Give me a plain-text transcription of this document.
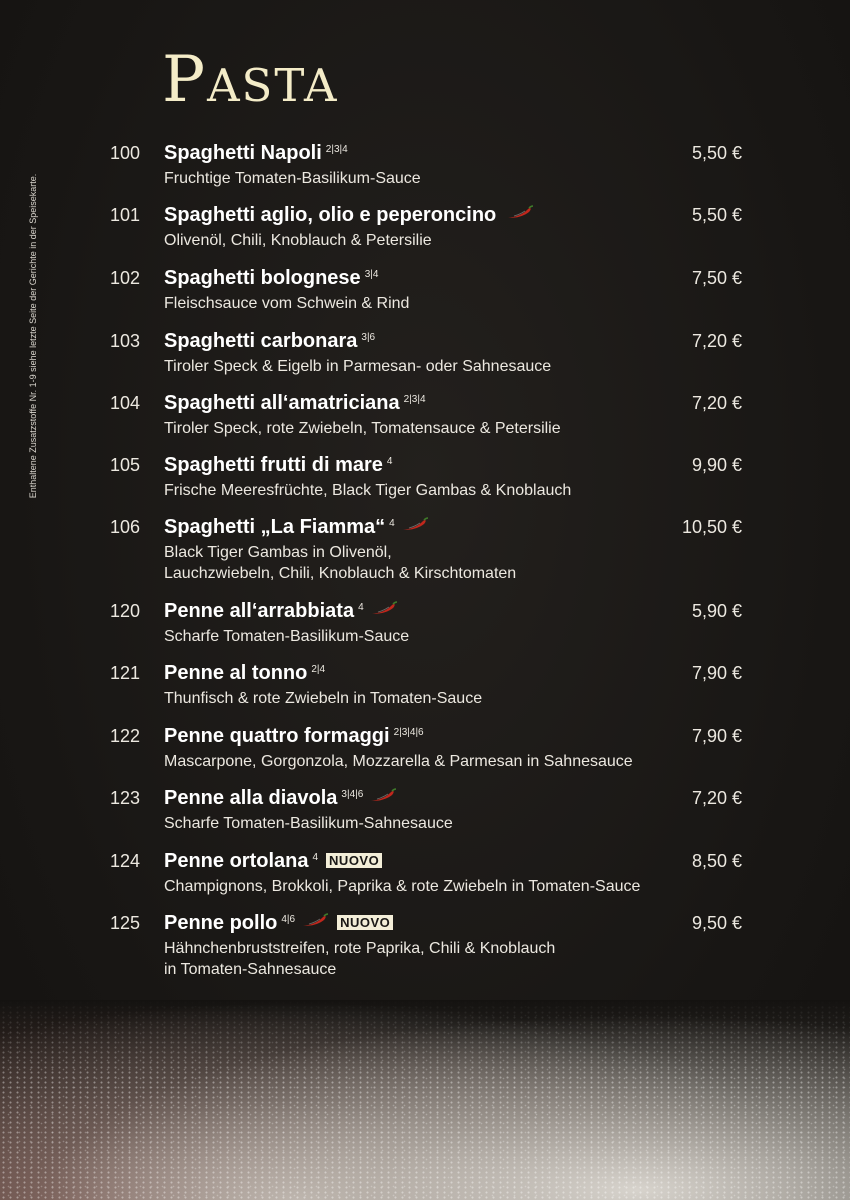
Pasta
Enthaltene Zusatzstoffe Nr. 1-9 siehe letzte Seite der Gerichte in der Speisekarte.
100 Spaghetti Napoli $^{2|3|4}$
Fruchtige Tomaten-Basilikum-Sauce
5,50 €
101 Spaghetti aglio, olio e peperoncino
Olivenöl, Chili, Knoblauch & Petersilie
5,50 €
102 Spaghetti bolognese $^{3|4}$
Fleischsauce vom Schwein & Rind
7,50 €
103 Spaghetti carbonara $^{3|6}$
Tiroler Speck & Eigelb in Parmesan- oder Sahnesauce
7,20 €
104 Spaghetti all‘amatriciana $^{2|3|4}$
Tiroler Speck, rote Zwiebeln, Tomatensauce & Petersilie
7,20 €
105 Spaghetti frutti di mare $^4$
Frische Meeresfrüchte, Black Tiger Gambas & Knoblauch
9,90 €
106 Spaghetti „La Fiamma“ $^4$
Black Tiger Gambas in Olivenöl,
Lauchzwiebeln, Chili, Knoblauch & Kirschtomaten
10,50 €
120 Penne all‘arrabbiata $^4$
Scharfe Tomaten-Basilikum-Sauce
5,90 €
121 Penne al tonno $^{2|4}$
Thunfisch & rote Zwiebeln in Tomaten-Sauce
7,90 €
122 Penne quattro formaggi $^{2|3|4|6}$
Mascarpone, Gorgonzola, Mozzarella & Parmesan in Sahnesauce
7,90 €
123 Penne alla diavola $^{3|4|6}$
Scharfe Tomaten-Basilikum-Sahnesauce
7,20 €
124 Penne ortolana $^4$ NUOVO
Champignons, Brokkoli, Paprika & rote Zwiebeln in Tomaten-Sauce
8,50 €
125 Penne pollo $^{4|6}$	NUOVO
Hähnchenbruststreifen, rote Paprika, Chili & Knoblauch
in Tomaten-Sahnesauce
9,50 €
